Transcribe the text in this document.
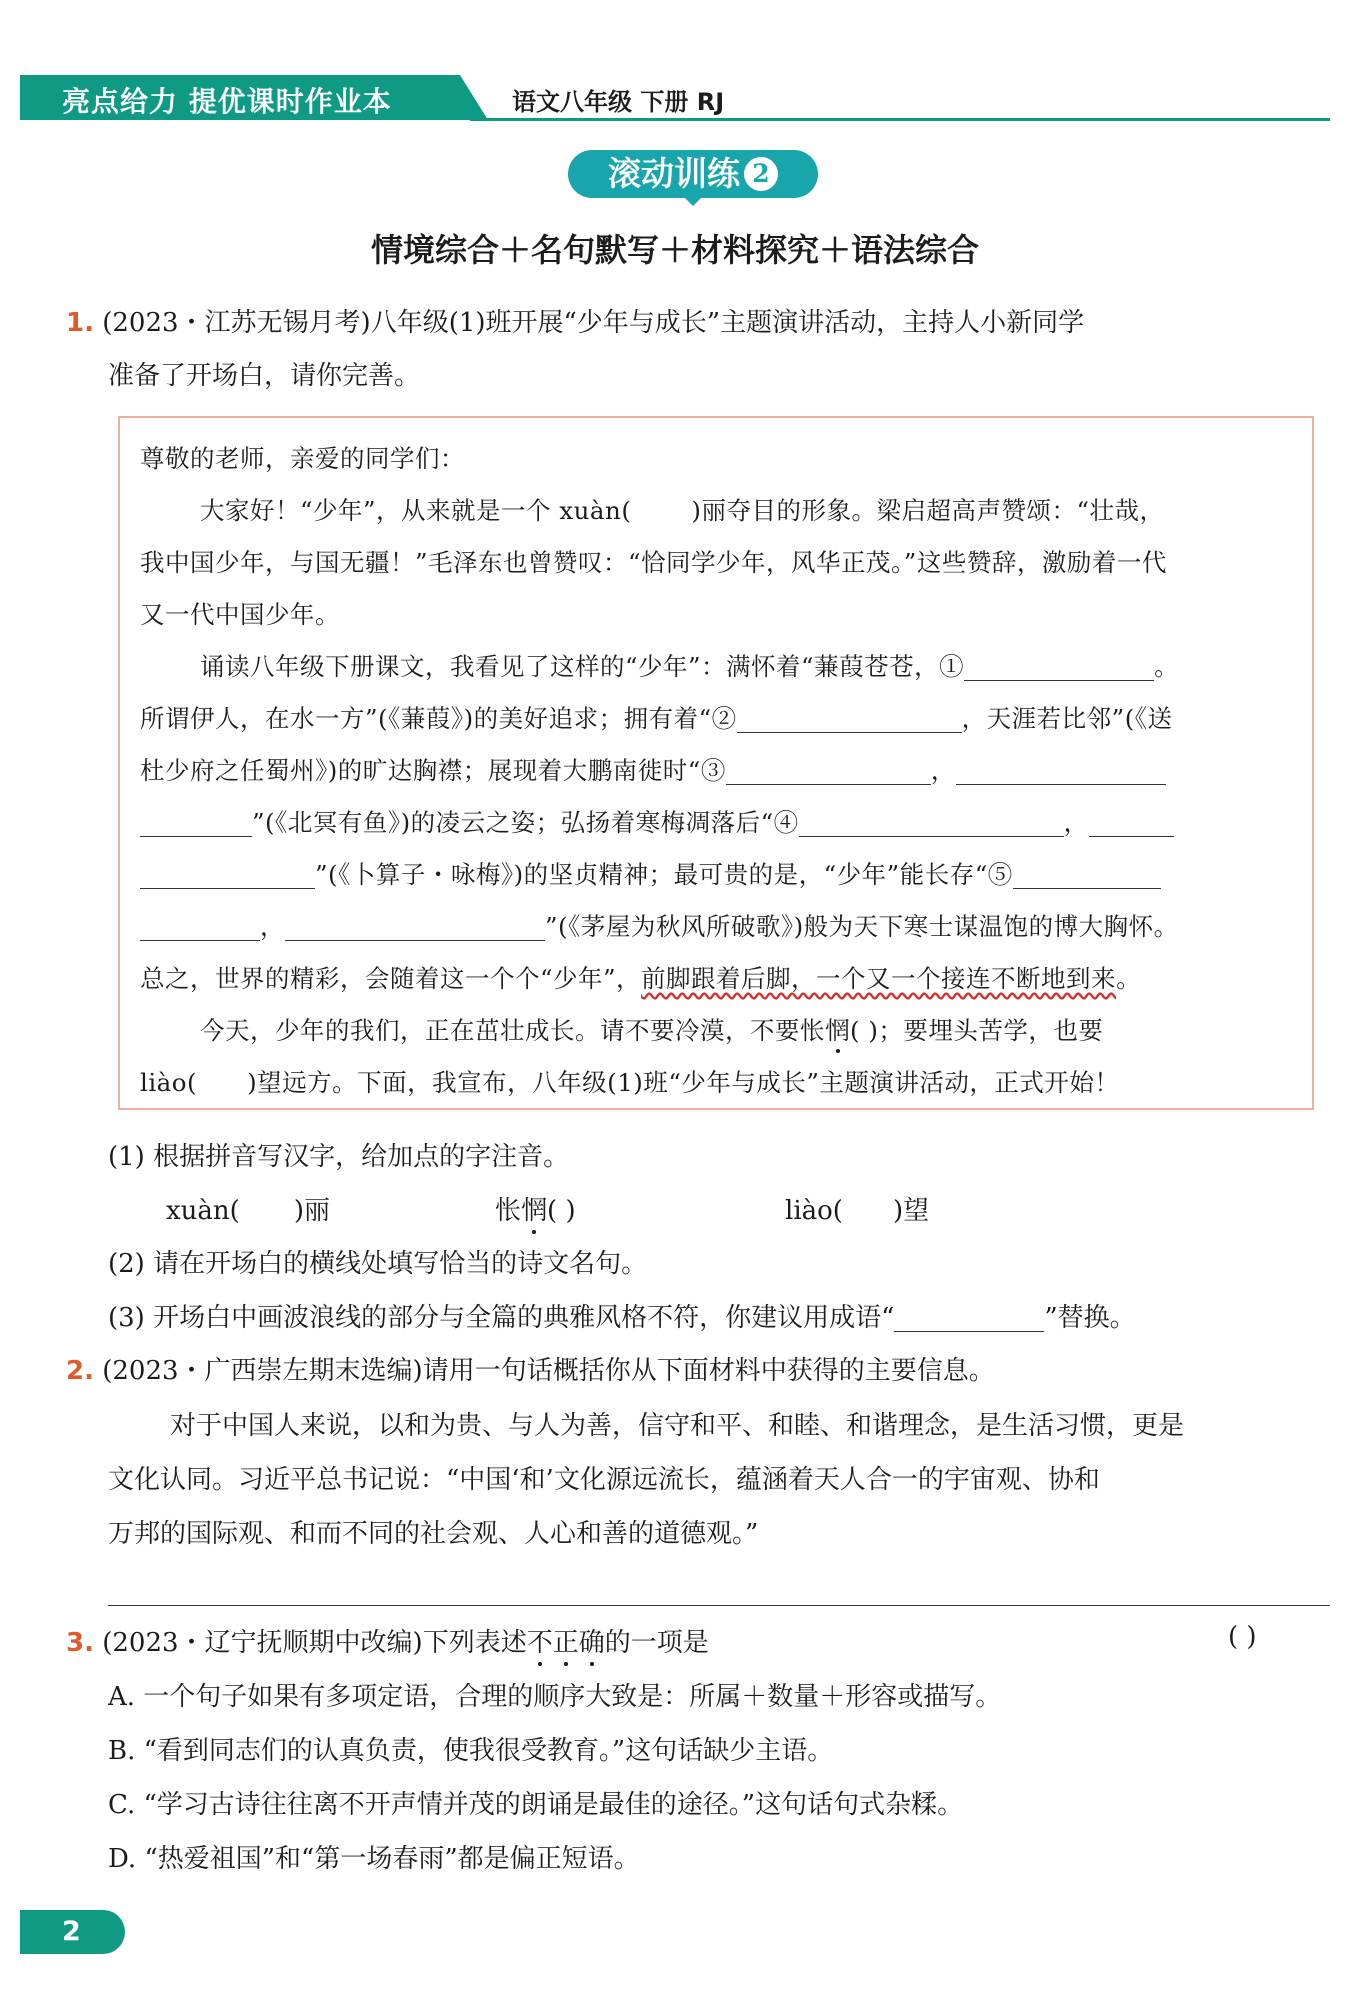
亮点给力 提优课时作业本	语文八年级 下册 RJ
滚动训练 2
情境综合＋名句默写＋材料探究＋语法综合
1. (2023・江苏无锡月考)八年级(1)班开展“少年与成长”主题演讲活动，主持人小新同学
准备了开场白，请你完善。
尊敬的老师，亲爱的同学们：
大家好！“少年”，从来就是一个 xuàn( )丽夺目的形象。梁启超高声赞颂：“壮哉，
我中国少年，与国无疆！”毛泽东也曾赞叹：“恰同学少年，风华正茂。”这些赞辞，激励着一代
又一代中国少年。
诵读八年级下册课文，我看见了这样的“少年”：满怀着“蒹葭苍苍，①	。
所谓伊人，在水一方”(《蒹葭》)的美好追求；拥有着“②	，天涯若比邻”(《送
杜少府之任蜀州》)的旷达胸襟；展现着大鹏南徙时“③	，
”(《北冥有鱼》)的凌云之姿；弘扬着寒梅凋落后“④	，
”(《卜算子・咏梅》)的坚贞精神；最可贵的是，“少年”能长存“⑤
，	”(《茅屋为秋风所破歌》)般为天下寒士谋温饱的博大胸怀。
总之，世界的精彩，会随着这一个个“少年”，前脚跟着后脚，一个又一个接连不断地到来。
今天，少年的我们，正在茁壮成长。请不要冷漠，不要怅惘( )；要埋头苦学，也要
liào( )望远方。下面，我宣布，八年级(1)班“少年与成长”主题演讲活动，正式开始！
(1) 根据拼音写汉字，给加点的字注音。
xuàn( )丽	怅惘( )	liào( )望
(2) 请在开场白的横线处填写恰当的诗文名句。
(3) 开场白中画波浪线的部分与全篇的典雅风格不符，你建议用成语“	”替换。
2. (2023・广西崇左期末选编)请用一句话概括你从下面材料中获得的主要信息。
对于中国人来说，以和为贵、与人为善，信守和平、和睦、和谐理念，是生活习惯，更是
文化认同。习近平总书记说：“中国‘和’文化源远流长，蕴涵着天人合一的宇宙观、协和
万邦的国际观、和而不同的社会观、人心和善的道德观。”
3. (2023・辽宁抚顺期中改编)下列表述不正确的一项是	( )
A. 一个句子如果有多项定语，合理的顺序大致是：所属＋数量＋形容或描写。
B. “看到同志们的认真负责，使我很受教育。”这句话缺少主语。
C. “学习古诗往往离不开声情并茂的朗诵是最佳的途径。”这句话句式杂糅。
D. “热爱祖国”和“第一场春雨”都是偏正短语。
2
